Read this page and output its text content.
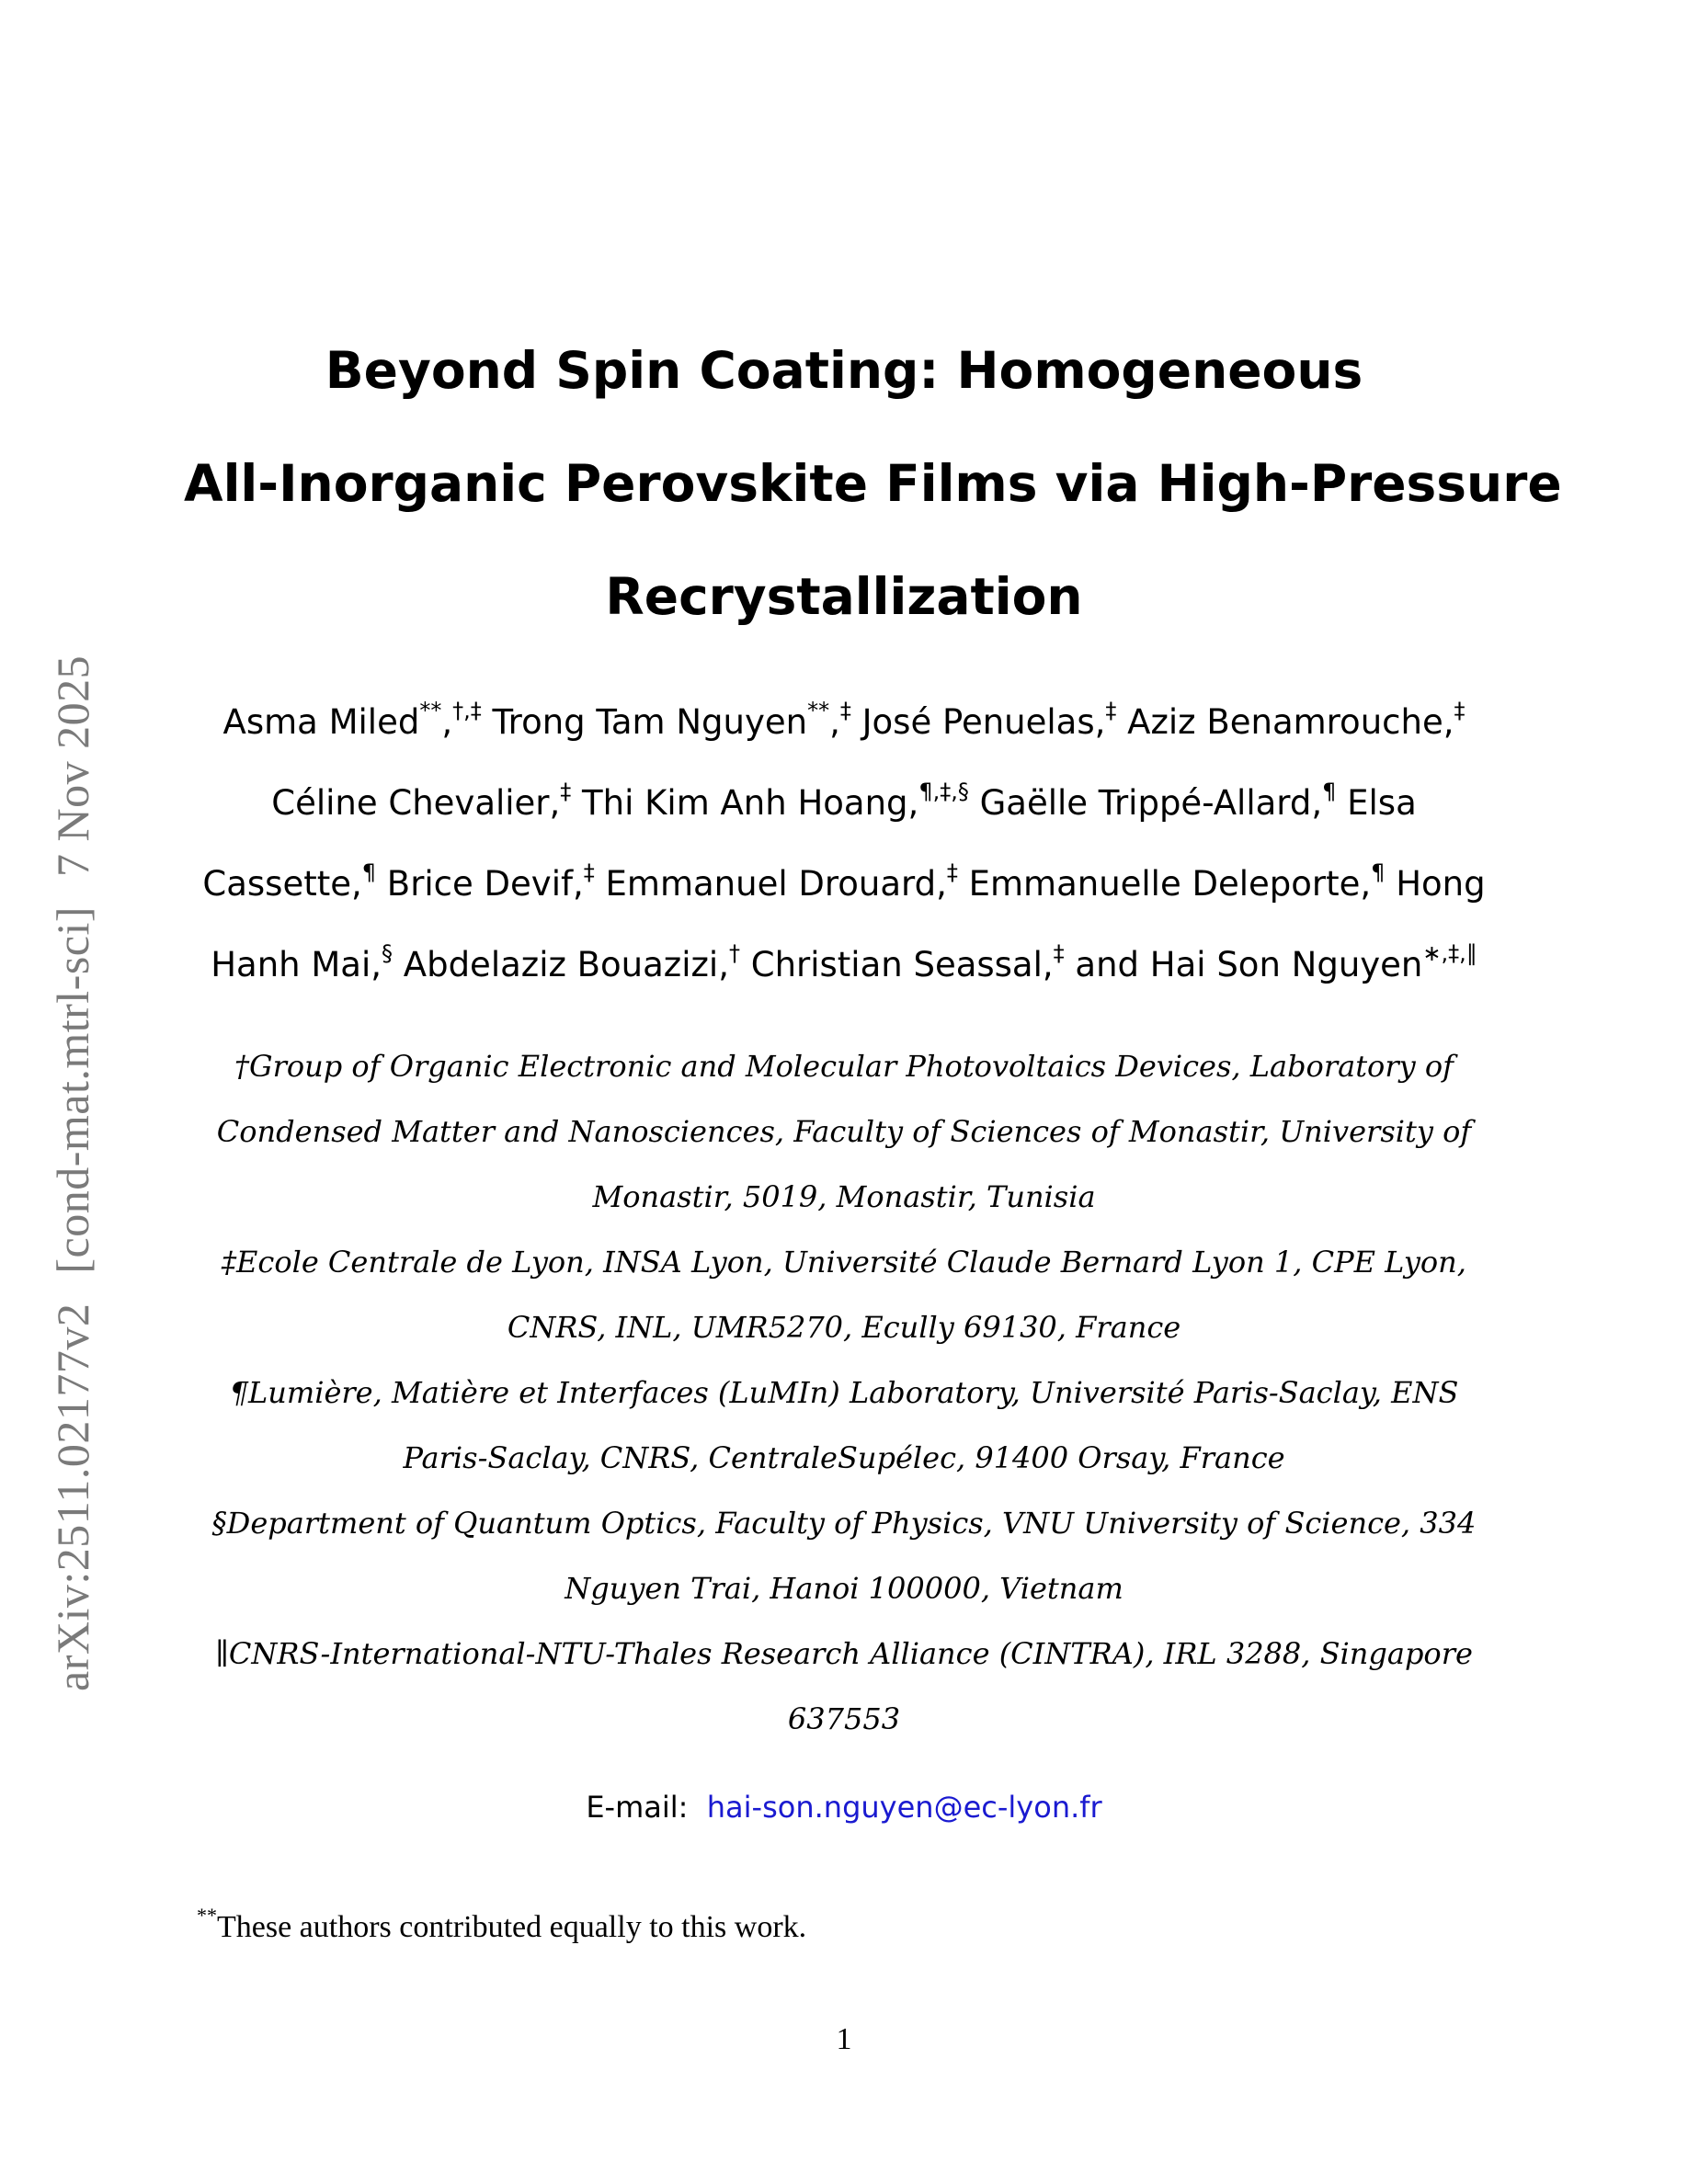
arXiv:2511.02177v2[cond-mat.mtrl-sci]7 Nov 2025
Beyond Spin Coating: Homogeneous
All-Inorganic Perovskite Films via High-Pressure
Recrystallization
Asma Miled**,†,‡ Trong Tam Nguyen**,‡ José Penuelas,‡ Aziz Benamrouche,‡
Céline Chevalier,‡ Thi Kim Anh Hoang,¶,‡,§ Gaëlle Trippé-Allard,¶ Elsa
Cassette,¶ Brice Devif,‡ Emmanuel Drouard,‡ Emmanuelle Deleporte,¶ Hong
Hanh Mai,§ Abdelaziz Bouazizi,† Christian Seassal,‡ and Hai Son Nguyen∗,‡,∥
†Group of Organic Electronic and Molecular Photovoltaics Devices, Laboratory of
Condensed Matter and Nanosciences, Faculty of Sciences of Monastir, University of
Monastir, 5019, Monastir, Tunisia
‡Ecole Centrale de Lyon, INSA Lyon, Université Claude Bernard Lyon 1, CPE Lyon,
CNRS, INL, UMR5270, Ecully 69130, France
¶Lumière, Matière et Interfaces (LuMIn) Laboratory, Université Paris-Saclay, ENS
Paris-Saclay, CNRS, CentraleSupélec, 91400 Orsay, France
§Department of Quantum Optics, Faculty of Physics, VNU University of Science, 334
Nguyen Trai, Hanoi 100000, Vietnam
∥CNRS-International-NTU-Thales Research Alliance (CINTRA), IRL 3288, Singapore
637553
E-mail: hai-son.nguyen@ec-lyon.fr
**These authors contributed equally to this work.
1
